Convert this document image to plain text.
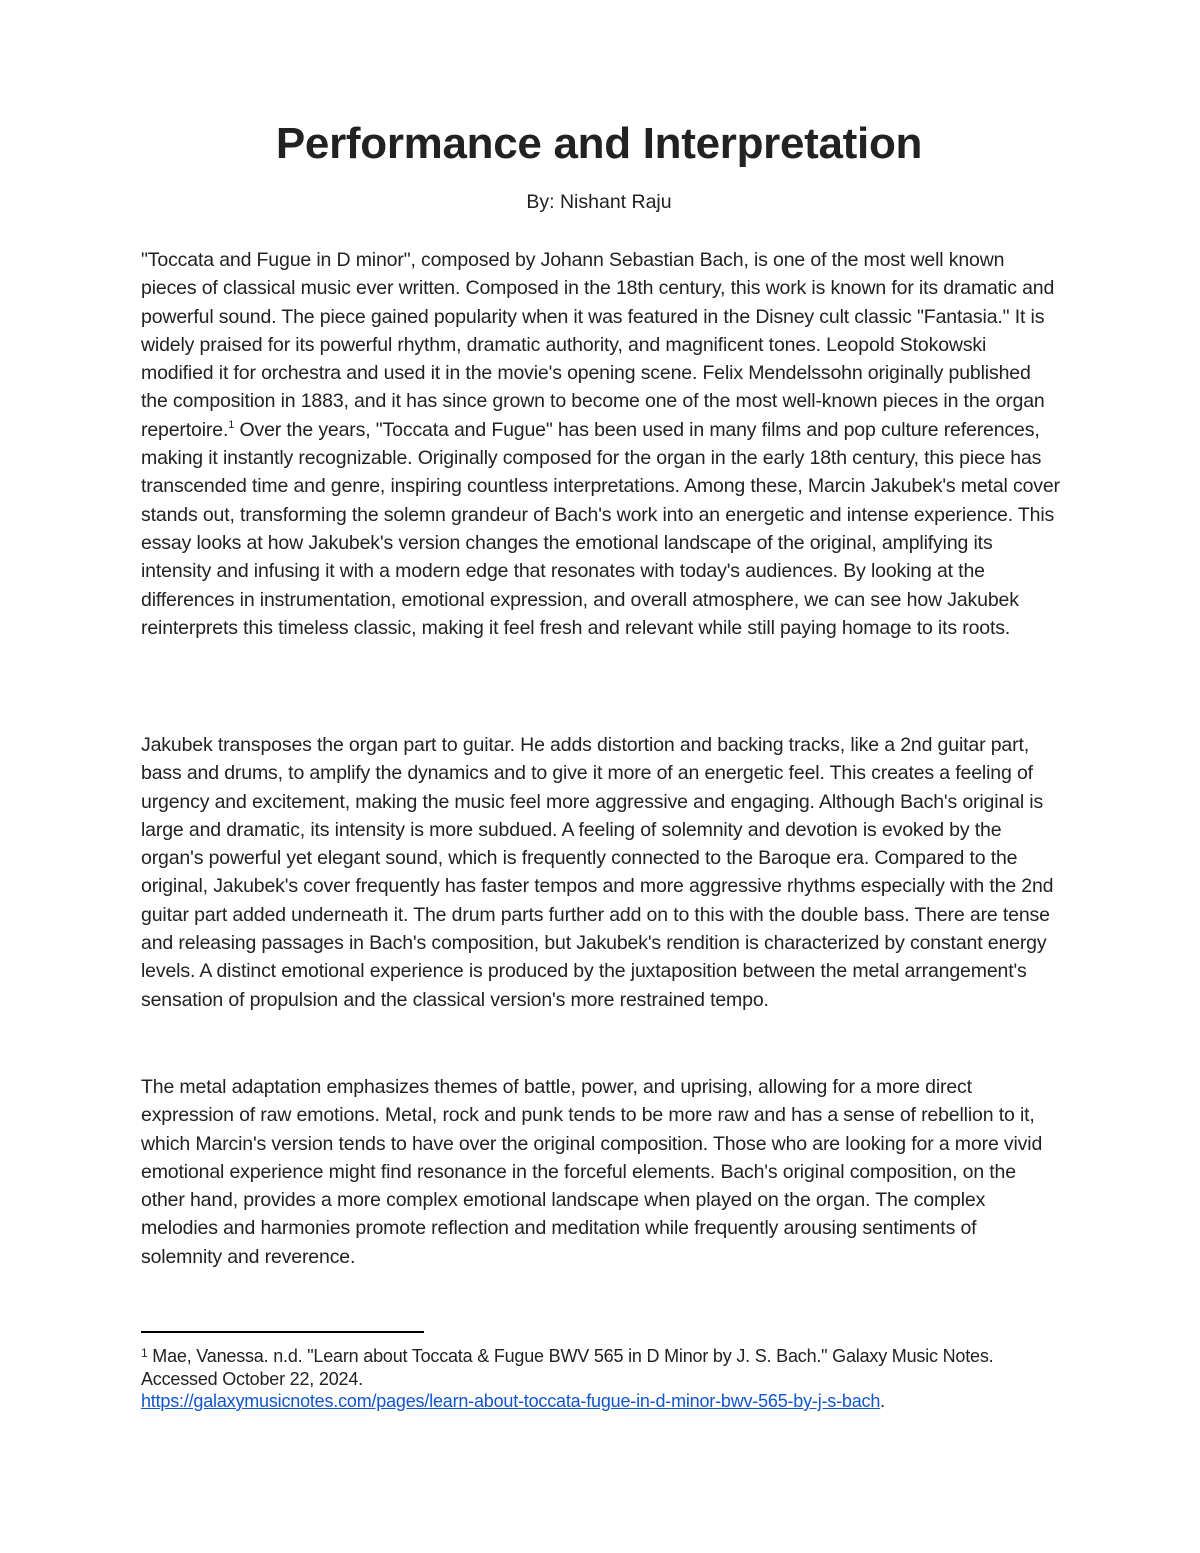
Performance and Interpretation

By: Nishant Raju

"Toccata and Fugue in D minor", composed by Johann Sebastian Bach, is one of the most well known pieces of classical music ever written. Composed in the 18th century, this work is known for its dramatic and powerful sound. The piece gained popularity when it was featured in the Disney cult classic "Fantasia." It is widely praised for its powerful rhythm, dramatic authority, and magnificent tones. Leopold Stokowski modified it for orchestra and used it in the movie's opening scene. Felix Mendelssohn originally published the composition in 1883, and it has since grown to become one of the most well-known pieces in the organ repertoire.$^1$ Over the years, "Toccata and Fugue" has been used in many films and pop culture references, making it instantly recognizable. Originally composed for the organ in the early 18th century, this piece has transcended time and genre, inspiring countless interpretations. Among these, Marcin Jakubek's metal cover stands out, transforming the solemn grandeur of Bach's work into an energetic and intense experience. This essay looks at how Jakubek's version changes the emotional landscape of the original, amplifying its intensity and infusing it with a modern edge that resonates with today's audiences. By looking at the differences in instrumentation, emotional expression, and overall atmosphere, we can see how Jakubek reinterprets this timeless classic, making it feel fresh and relevant while still paying homage to its roots.

Jakubek transposes the organ part to guitar. He adds distortion and backing tracks, like a 2nd guitar part, bass and drums, to amplify the dynamics and to give it more of an energetic feel. This creates a feeling of urgency and excitement, making the music feel more aggressive and engaging. Although Bach's original is large and dramatic, its intensity is more subdued. A feeling of solemnity and devotion is evoked by the organ's powerful yet elegant sound, which is frequently connected to the Baroque era. Compared to the original, Jakubek's cover frequently has faster tempos and more aggressive rhythms especially with the 2nd guitar part added underneath it. The drum parts further add on to this with the double bass. There are tense and releasing passages in Bach's composition, but Jakubek's rendition is characterized by constant energy levels. A distinct emotional experience is produced by the juxtaposition between the metal arrangement's sensation of propulsion and the classical version's more restrained tempo.

The metal adaptation emphasizes themes of battle, power, and uprising, allowing for a more direct expression of raw emotions. Metal, rock and punk tends to be more raw and has a sense of rebellion to it, which Marcin's version tends to have over the original composition. Those who are looking for a more vivid emotional experience might find resonance in the forceful elements. Bach's original composition, on the other hand, provides a more complex emotional landscape when played on the organ. The complex melodies and harmonies promote reflection and meditation while frequently arousing sentiments of solemnity and reverence.

$^1$ Mae, Vanessa. n.d. "Learn about Toccata & Fugue BWV 565 in D Minor by J. S. Bach." Galaxy Music Notes. Accessed October 22, 2024.
https://galaxymusicnotes.com/pages/learn-about-toccata-fugue-in-d-minor-bwv-565-by-j-s-bach.
